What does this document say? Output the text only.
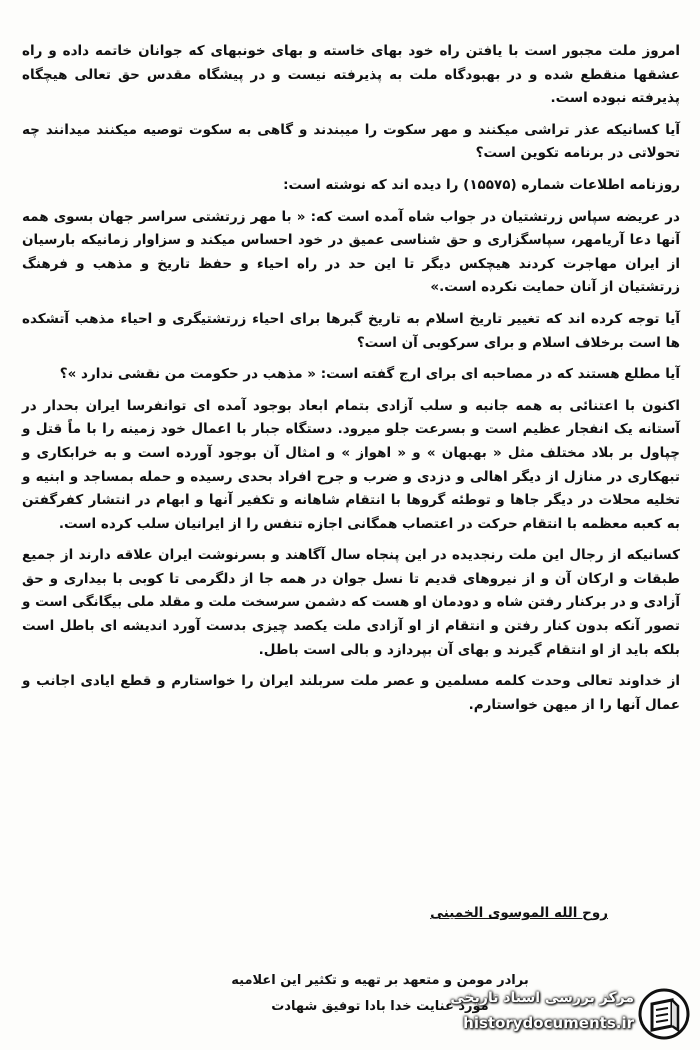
امروز ملت مجبور است با یافتن راه خود بهای خاسته و بهای خونبهای که جوانان خاتمه داده و راه عشقها منقطع شده و در بهبودگاه ملت به پذیرفته نیست و در پیشگاه مقدس حق تعالی هیچگاه پذیرفته نبوده است.

آیا کسانیکه عذر تراشی میکنند و مهر سکوت را میبندند و گاهی به سکوت توصیه میکنند میدانند چه تحولاتی در برنامه تکوین است؟

روزنامه اطلاعات شماره (۱۵۵۷۵) را دیده اند که نوشته است:

در عریضه سپاس زرتشتیان در جواب شاه آمده است که: « با مهر زرتشتی سراسر جهان بسوی همه آنها دعا آریامهر، سپاسگزاری و حق شناسی عمیق در خود احساس میکند و سزاوار زمانیکه بارسیان از ایران مهاجرت کردند هیچکس دیگر تا این حد در راه احیاء و حفظ تاریخ و مذهب و فرهنگ زرتشتیان از آنان حمایت نکرده است.»

آیا توجه کرده اند که تغییر تاریخ اسلام به تاریخ گبرها برای احیاء زرتشتیگری و احیاء مذهب آتشکده ها است برخلاف اسلام و برای سرکوبی آن است؟

آیا مطلع هستند که در مصاحبه ای برای ارج گفته است: « مذهب در حکومت من نقشی ندارد »؟

اکنون با اعتنائی به همه جانبه و سلب آزادی بتمام ابعاد بوجود آمده ای توانفرسا ایران بحدار در آستانه یک انفجار عظیم است و بسرعت جلو میرود. دستگاه جبار با اعمال خود زمینه را با ماً قتل و چپاول بر بلاد مختلف مثل « بهبهان » و « اهواز » و امثال آن بوجود آورده است و به خرابکاری و تبهکاری در منازل از دیگر اهالی و دزدی و ضرب و جرح افراد بحدی رسیده و حمله بمساجد و ابنیه و تخلیه محلات در دیگر جاها و توطئه گروها با انتقام شاهانه و تکفیر آنها و ابهام در انتشار کفرگفتن به کعبه معظمه با انتقام حرکت در اعتصاب همگانی اجازه تنفس را از ایرانیان سلب کرده است.

کسانیکه از رجال این ملت رنجدیده در این پنجاه سال آگاهند و بسرنوشت ایران علاقه دارند از جمیع طبقات و ارکان آن و از نیروهای قدیم تا نسل جوان در همه جا از دلگرمی تا کوبی با بیداری و حق آزادی و در برکنار رفتن شاه و دودمان او هست که دشمن سرسخت ملت و مقلد ملی بیگانگی است و تصور آنکه بدون کنار رفتن و انتقام از او آزادی ملت یکصد چیزی بدست آورد اندیشه ای باطل است بلکه باید از او انتقام گیرند و بهای آن بپردازد و بالی است باطل.

از خداوند تعالی وحدت کلمه مسلمین و عصر ملت سربلند ایران را خواستارم و قطع ایادی اجانب و عمال آنها را از میهن خواستارم.

روح الله الموسوی الخمینی
برادر مومن و متعهد بر تهیه و تکثیر این اعلامیه
مورد عنایت خدا بادا توفیق شهادت
مرکز بررسی اسناد تاریخی
historydocuments.ir
